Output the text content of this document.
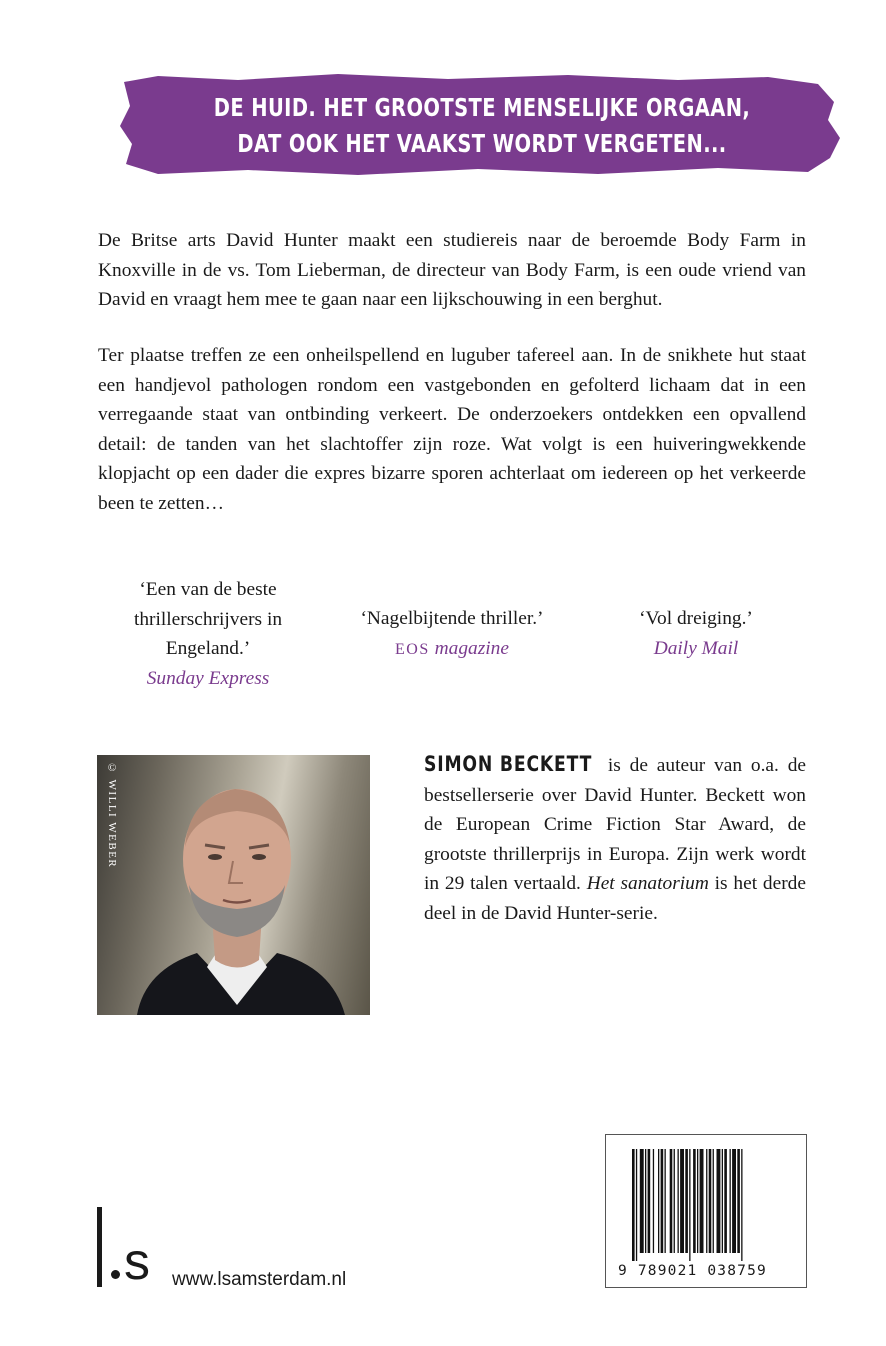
DE HUID. HET GROOTSTE MENSELIJKE ORGAAN,
DAT OOK HET VAAKST WORDT VERGETEN...

De Britse arts David Hunter maakt een studiereis naar de beroemde Body Farm in Knoxville in de vs. Tom Lieberman, de directeur van Body Farm, is een oude vriend van David en vraagt hem mee te gaan naar een lijkschouwing in een berghut.

Ter plaatse treffen ze een onheilspellend en luguber tafereel aan. In de snikhete hut staat een handjevol pathologen rondom een vastgebonden en gefolterd lichaam dat in een verregaande staat van ontbinding verkeert. De onderzoekers ontdekken een opvallend detail: de tanden van het slachtoffer zijn roze. Wat volgt is een huiveringwekkende klopjacht op een dader die expres bizarre sporen achterlaat om iedereen op het verkeerde been te zetten…

‘Een van de beste thrillerschrijvers in Engeland.’
Sunday Express
‘Nagelbijtende thriller.’
EOS magazine
‘Vol dreiging.’
Daily Mail
© WILLI WEBER	SIMON BECKETT is de auteur van o.a. de bestsellerserie over David Hunter. Beckett won de European Crime Fiction Star Award, de grootste thrillerprijs in Europa. Zijn werk wordt in 29 talen vertaald. Het sanatorium is het derde deel in de David Hunter-serie.

s www.lsamsterdam.nl	9 789021 038759
